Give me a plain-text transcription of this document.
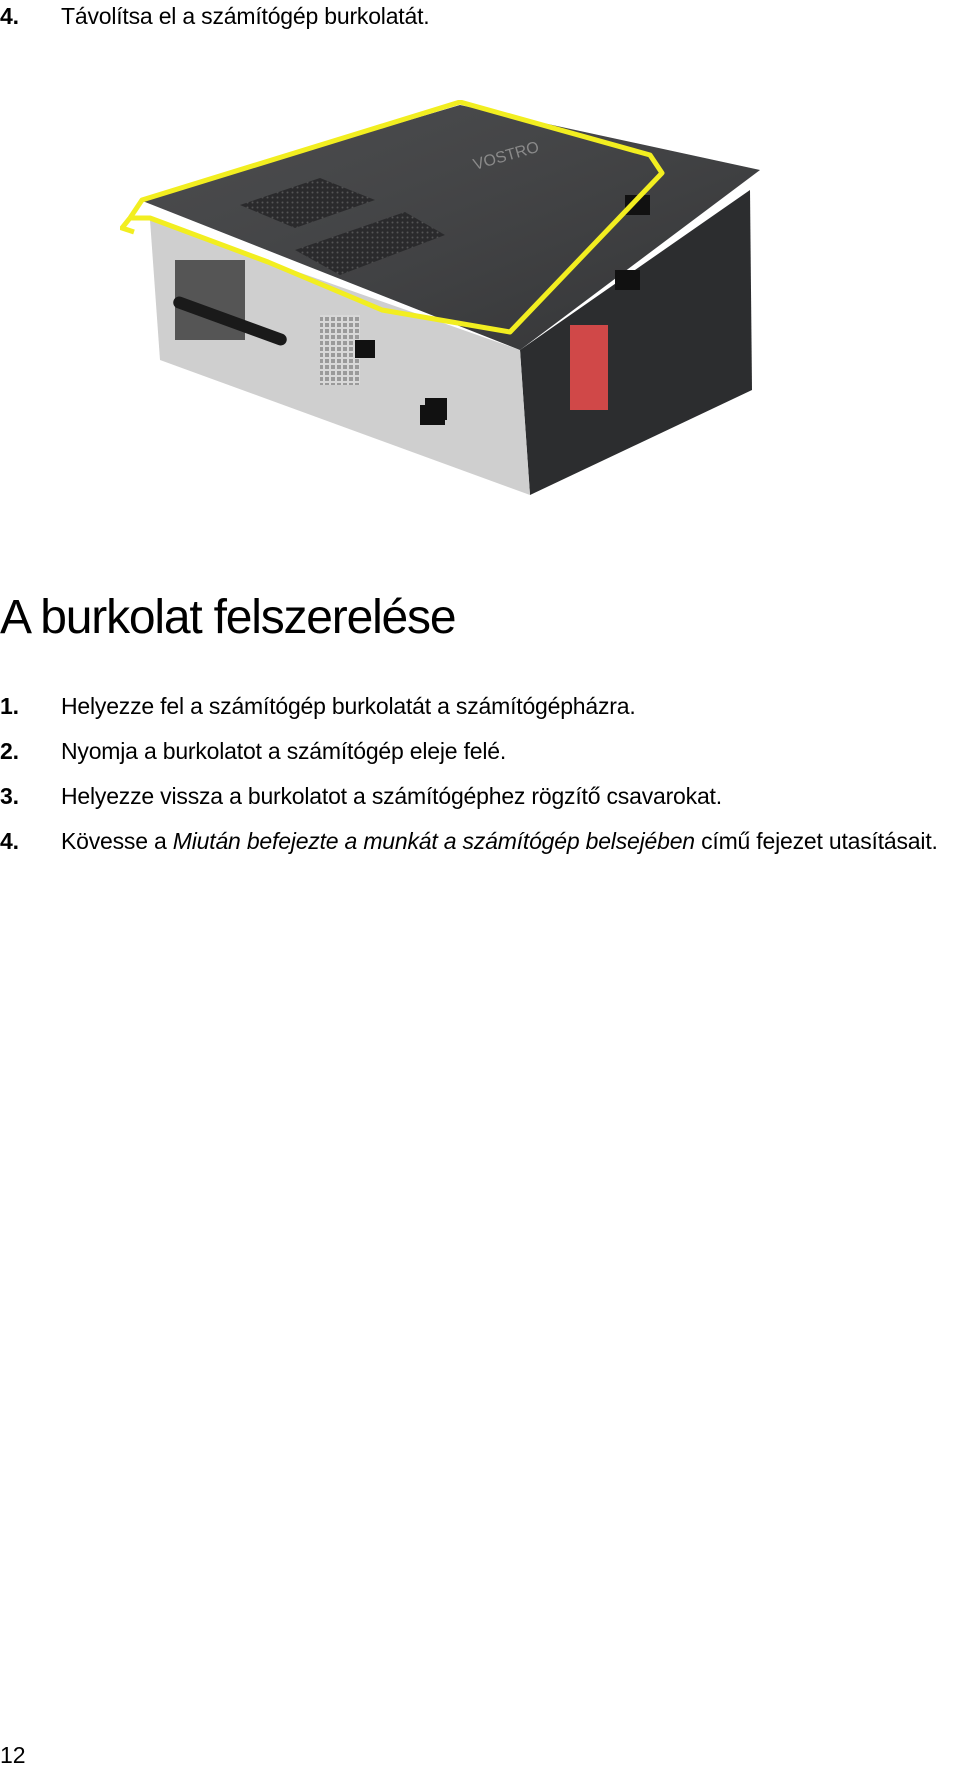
4. Távolítsa el a számítógép burkolatát.
VOSTRO
A burkolat felszerelése
1. Helyezze fel a számítógép burkolatát a számítógépházra.
2. Nyomja a burkolatot a számítógép eleje felé.
3. Helyezze vissza a burkolatot a számítógéphez rögzítő csavarokat.
4. Kövesse a Miután befejezte a munkát a számítógép belsejében című fejezet utasításait.
12
